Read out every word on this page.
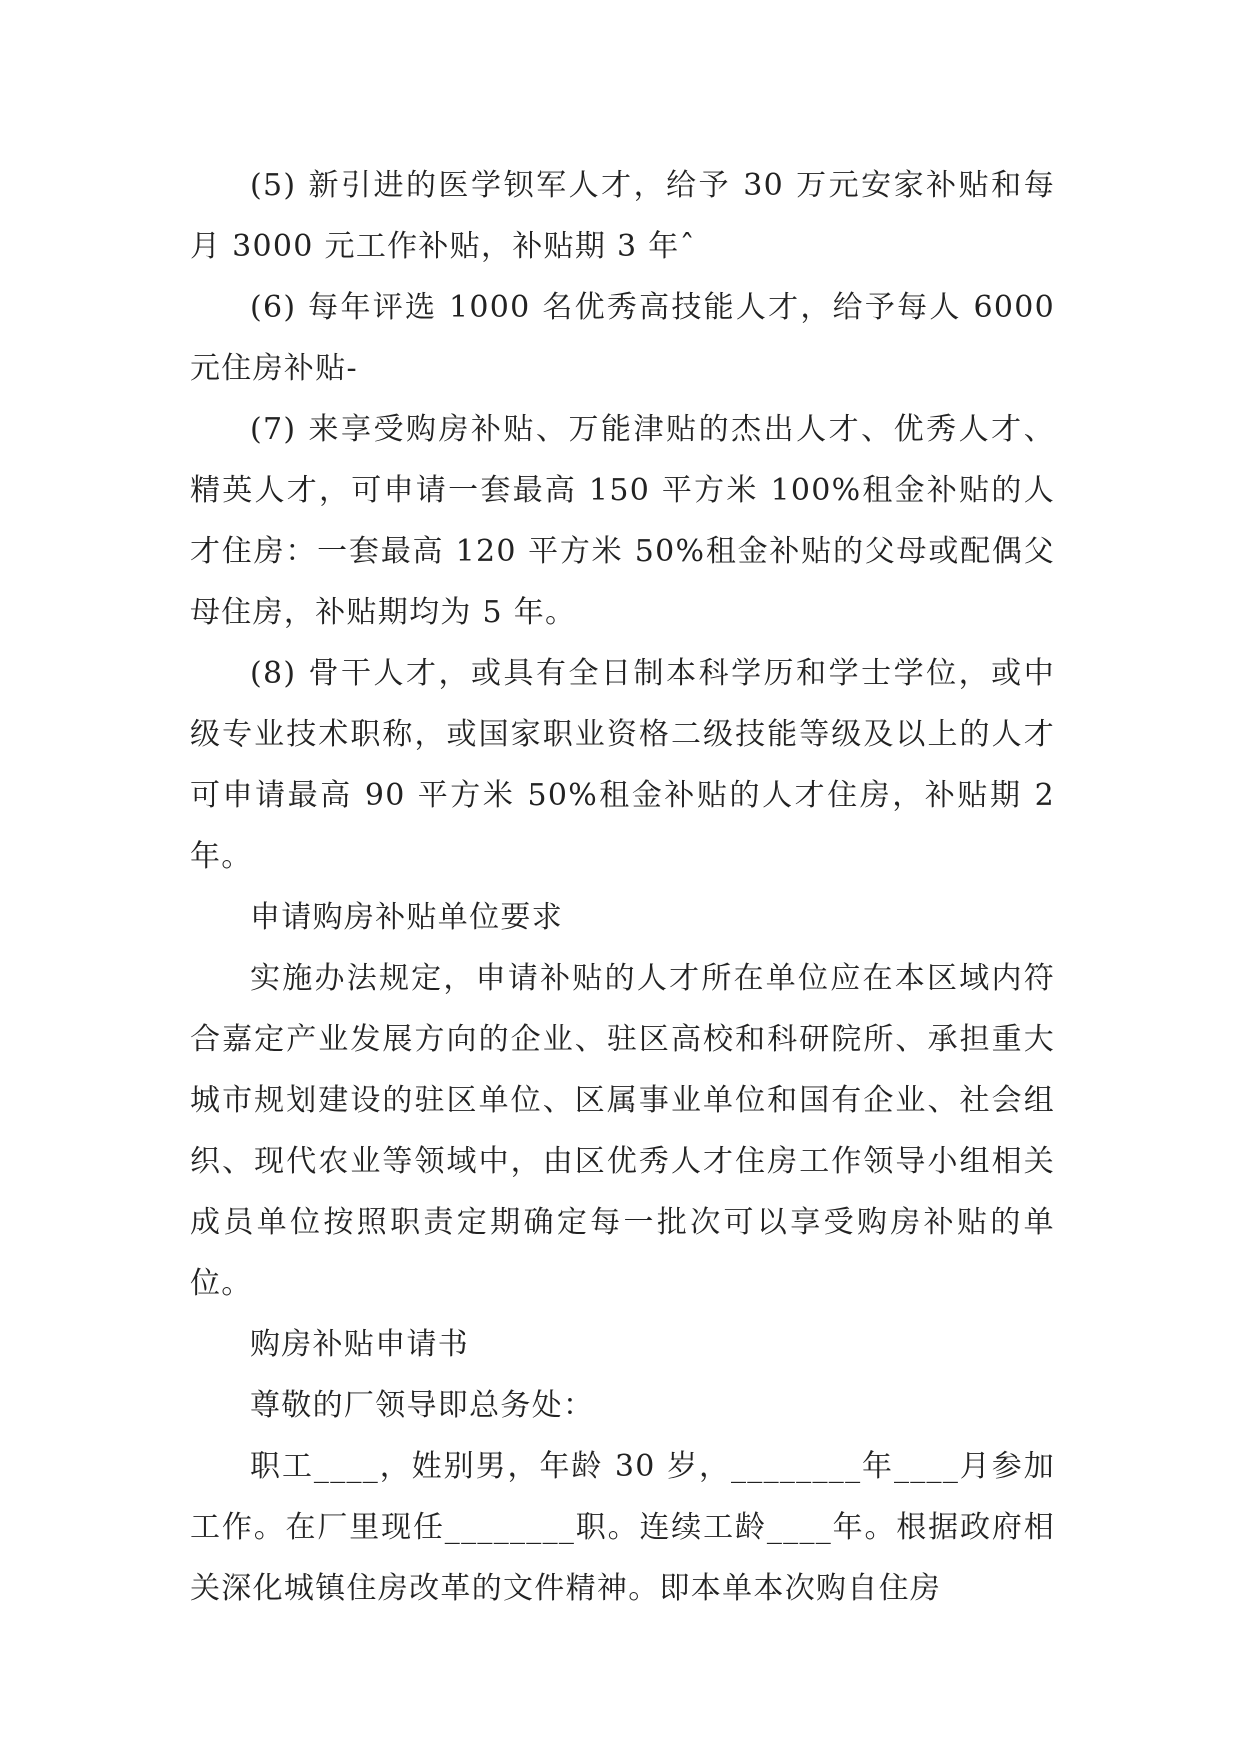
(5) 新引进的医学钡军人才，给予 30 万元安家补贴和每月 3000 元工作补贴，补贴期 3 年ˆ

(6) 每年评选 1000 名优秀高技能人才，给予每人 6000 元住房补贴-

(7) 来享受购房补贴、万能津贴的杰出人才、优秀人才、精英人才，可申请一套最高 150 平方米 100%租金补贴的人才住房：一套最高 120 平方米 50%租金补贴的父母或配偶父母住房，补贴期均为 5 年。

(8) 骨干人才，或具有全日制本科学历和学士学位，或中级专业技术职称，或国家职业资格二级技能等级及以上的人才可申请最高 90 平方米 50%租金补贴的人才住房，补贴期 2 年。

申请购房补贴单位要求

实施办法规定，申请补贴的人才所在单位应在本区域内符合嘉定产业发展方向的企业、驻区高校和科研院所、承担重大城市规划建设的驻区单位、区属事业单位和国有企业、社会组织、现代农业等领域中，由区优秀人才住房工作领导小组相关成员单位按照职责定期确定每一批次可以享受购房补贴的单位。

购房补贴申请书

尊敬的厂领导即总务处：

职工____，姓别男，年龄 30 岁，________年____月参加工作。在厂里现任________职。连续工龄____年。根据政府相关深化城镇住房改革的文件精神。即本单本次购自住房
